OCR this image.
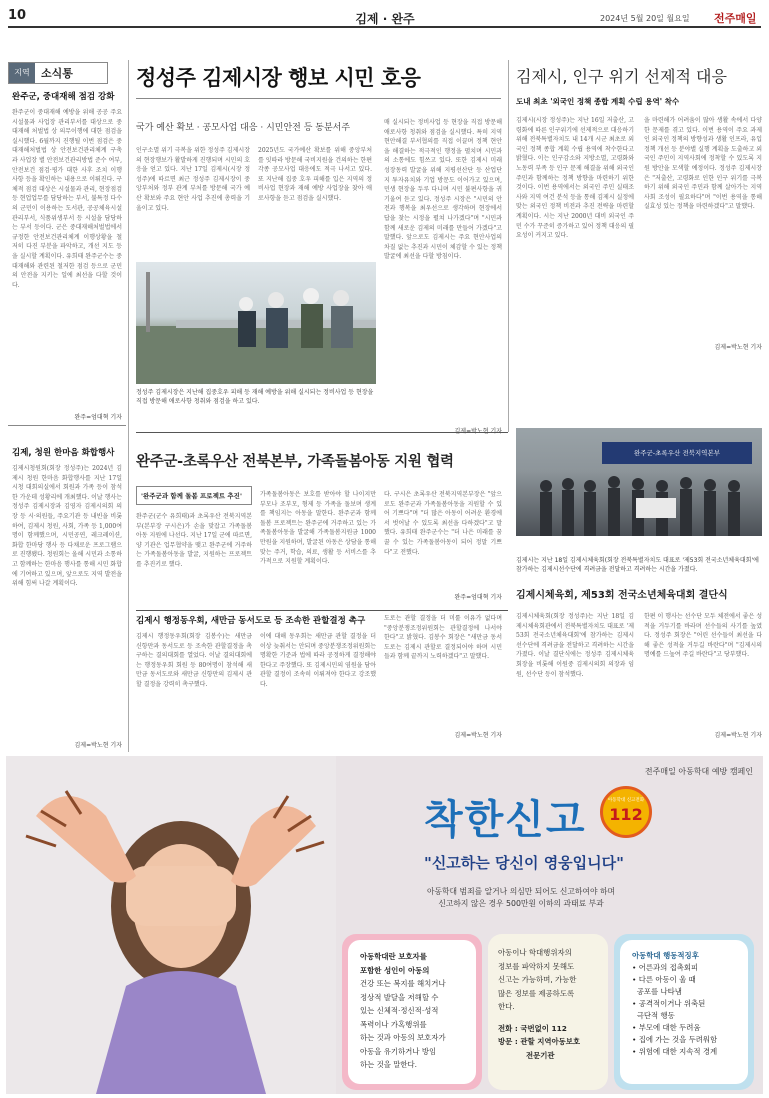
10	김제 · 완주	2024년 5월 20일 월요일 전주매일
지역	소식통
완주군, 중대재해 점검 강화
완주군이 중대재해 예방을 위해 공공 주요 시설물과 사업장 관리부서를 대상으로 중대재해 처벌법 상 의무이행에 대한 점검을 실시했다. 6월까지 진행될 이번 점검은 중대재해처벌법 상 안전보건관리체계 구축과 사업장 별 안전보건관리방법 준수 여부, 안전보건 점검·평가 대한 사후 조치 이행 사항 등을 확인하는 내용으로 이뤄진다. 구체적 점검 대상은 시설물과 관리, 현장점검 등 현업업무를 담당하는 부서, 불특정 다수의 군민이 이용하는 도서관, 공공체육시설 관리부서, 식품위생부서 등 시설을 담당하는 부서 등이다. 군은 중대재해처벌법에서 규정한 안전보건관리체계 이행상황을 철저히 다진 부분을 파악하고, 개선 지도 등을 실시할 계획이다. 유희태 완주군수는 중대재해와 관련된 철저한 점검 등으로 군민의 안전을 지키는 일에 최선을 다할 것이다.
완주=엄대혁 기자
김제, 청원 한마음 화합행사
김제시청원회(회장 정성주)는 2024년 김제시 청원 한마음 화합행사를 지난 17일 시청 대회의실에서 회원과 가족 등이 참석한 가운데 성황리에 개최했다. 이날 행사는 정성주 김제시장과 김영자 김제시의회 의장 등 시·의원들, 주요기관 등 내빈을 비롯하여, 김제시 청원, 사회, 가족 등 1,000여명이 함께했으며, 시민공연, 레크레이션, 화합 한마당 행사 등 다채로운 프로그램으로 진행됐다. 청원회는 올해 시민과 소통하고 함께하는 한마음 행사를 통해 시민 화합에 기여하고 있으며, 앞으로도 지역 발전을 위해 힘써 나갈 계획이다.
김제=박노현 기자
정성주 김제시장 행보 시민 호응
국가 예산 확보 · 공모사업 대응 · 시민안전 등 동분서주
인구소멸 위기 극복을 위한 정성주 김제시장의 현장행보가 활발하게 진행되며 시민의 호응을 얻고 있다. 지난 17일 김제시(시장 정성주)에 따르면 최근 정성주 김제시장이 중앙부처와 정부 관계 부처를 방문해 국가 예산 확보와 주요 현안 사업 추진에 총력을 기울이고 있다.
2025년도 국가예산 확보를 위해 중앙부처를 잇따라 방문해 국비지원을 건의하는 한편 각종 공모사업 대응에도 적극 나서고 있다. 또 지난해 집중 호우 피해를 입은 지역의 정비사업 현장과 재해 예방 사업장을 찾아 애로사항을 듣고 점검을 실시했다.
매 실시되는 정비사업 등 현장을 직접 방문해 애로사항 청취와 점검을 실시했다. 특히 지역현안해결 부서협의를 직접 이끌며 정책 현안을 해결하는 적극적인 행정을 펼치며 시민과의 소통에도 힘쓰고 있다. 또한 김제시 미래 성장동력 발굴을 위해 지평선산단 등 산업단지 투자유치와 기업 방문도 이어가고 있으며, 민생 현장을 두루 다니며 시민 불편사항을 귀 기울여 듣고 있다. 정성주 시장은 "시민의 안전과 행복을 최우선으로 생각하며 현장에서 답을 찾는 시정을 펼쳐 나가겠다"며 "시민과 함께 새로운 김제의 미래를 만들어 가겠다"고 말했다. 앞으로도 김제시는 주요 현안사업의 차질 없는 추진과 시민이 체감할 수 있는 정책 발굴에 최선을 다할 방침이다.
정성주 김제시장은 지난해 집중호우 피해 등 재해 예방을 위해 실시되는 정비사업 등 현장을 직접 방문해 애로사항 청취와 점검을 하고 있다.
김제시, 인구 위기 선제적 대응
도내 최초 '외국인 정책 종합 계획 수립 용역' 착수
김제시(시장 정성주)는 지난 16일 저출산, 고령화에 따른 인구위기에 선제적으로 대응하기 위해 전북특별자치도 내 14개 시군 최초로 외국인 정책 종합 계획 수립 용역에 착수한다고 밝혔다. 이는 인구감소와 지방소멸, 고령화와 노동력 부족 등 인구 문제 해결을 위해 외국인 주민과 함께하는 정책 방향을 마련하기 위한 것이다. 이번 용역에서는 외국인 주민 실태조사와 지역 여건 분석 등을 통해 김제시 실정에 맞는 외국인 정책 비전과 추진 전략을 마련할 계획이다. 시는 지난 2000년 대비 외국인 주민 수가 꾸준히 증가하고 있어 정책 대응의 필요성이 커지고 있다.
을 마련해가 어려움이 많아 생활 속에서 다양한 문제를 겪고 있다. 이번 용역이 주요 과제인 외국인 정책의 방향성과 생활 인프라, 유입 정책 개선 등 분야별 실행 계획을 도출하고 외국인 주민이 지역사회에 정착할 수 있도록 지원 방안을 모색할 예정이다. 정성주 김제시장은 "저출산, 고령화로 인한 인구 위기를 극복하기 위해 외국인 주민과 함께 살아가는 지역사회 조성이 필요하다"며 "이번 용역을 통해 실효성 있는 정책을 마련하겠다"고 말했다.
김제=박노현 기자
완주군-초록우산 전북본부, 가족돌봄아동 지원 협력
'완주군과 함께 돌봄 프로젝트 추진'
완주군(군수 유희태)과 초록우산 전북지역본부(본부장 구시은)가 손을 맞잡고 가족돌봄아동 지원에 나선다. 지난 17일 군에 따르면, 양 기관은 업무협약을 맺고 완주군에 거주하는 가족돌봄아동을 발굴, 지원하는 프로젝트를 추진키로 했다.
가족돌봄아동은 보호를 받아야 할 나이지만 부모나 조부모, 형제 등 가족을 돌보며 생계를 책임지는 아동을 말한다. 완주군과 함께 돌봄 프로젝트는 완주군에 거주하고 있는 가족돌봄아동을 발굴해 가족돌봄지원금 1000만원을 지원하며, 발굴된 아동은 상담을 통해 맞는 주거, 학습, 의료, 생활 등 서비스를 추가적으로 지원할 계획이다.
다. 구시은 초록우산 전북지역본부장은 "앞으로도 완주군과 가족돌봄아동을 지원할 수 있어 기쁘다"며 "더 많은 아동이 어려운 환경에서 벗어날 수 있도록 최선을 다하겠다"고 말했다. 유희태 완주군수는 "더 나은 미래를 꿈꿀 수 있는 가족돌봄아동이 되어 정말 기쁘다"고 전했다.
완주=엄대혁 기자
완주군-초록우산 전북지역본부
김제시는 지난 18일 김제시체육회(회장 전북특별자치도 대표로 '제53회 전국소년체육대회'에 참가하는 김제시선수단에 격려금을 전달하고 격려하는 시간을 가졌다.
김제시체육회, 제53회 전국소년체육대회 결단식
김제시체육회(회장 정성주)는 지난 18일 김제시체육회관에서 전북특별자치도 대표로 '제53회 전국소년체육대회'에 참가하는 김제시선수단에 격려금을 전달하고 격려하는 시간을 가졌다. 이날 결단식에는 정성주 김제시체육회장을 비롯해 이원중 김제시의회 의장과 임원, 선수단 등이 참석했다.
한편 이 행사는 선수단 모두 체전에서 좋은 성적을 거두기를 바라며 선수들의 사기를 높였다. 정성주 회장은 "어린 선수들이 최선을 다해 좋은 성적을 거두길 바란다"며 "김제시의 명예를 드높여 주길 바란다"고 당부했다.
김제=박노현 기자
김제시 행정동우회, 새만금 동서도로 등 조속한 관할결정 촉구
김제시 행정동우회(회장 김봉수)는 새만금 신항만과 동서도로 등 조속한 관할결정을 촉구하는 결의대회를 열었다. 이날 결의대회에는 행정동우회 회원 등 80여명이 참석해 새만금 동서도로와 새만금 신항만의 김제시 관할 결정을 강력히 촉구했다.
이에 대해 동우회는 새만금 관할 결정을 더 이상 늦춰서는 안되며 중앙분쟁조정위원회는 명확한 기준과 법에 따라 공정하게 결정해야 한다고 주장했다. 또 김제시민의 염원을 담아 관할 결정이 조속히 이뤄져야 한다고 강조했다.
도로는 관할 결정을 더 미룰 이유가 없다며 "중앙분쟁조정위원회는 관할결정에 나서야 한다"고 밝혔다. 김봉수 회장은 "새만금 동서도로는 김제시 관할로 결정되어야 하며 시민들과 함께 끝까지 노력하겠다"고 말했다.
김제=박노현 기자
전주매일 아동학대 예방 캠페인
착한신고	아동학대 신고전화
112
"신고하는 당신이 영웅입니다"
아동학대 범죄를 알거나 의심만 되어도 신고하여야 하며
신고하지 않은 경우 500만원 이하의 과태료 부과
아동학대란 보호자를
포함한 성인이 아동의
건강 또는 복지를 해치거나
정상적 발달을 저해할 수
있는 신체적·정신적·성적
폭력이나 가혹행위를
하는 것과 아동의 보호자가
아동을 유기하거나 방임
하는 것을 말한다.
아동이나 학대행위자의
정보를 파악하지 못해도
신고는 가능하며, 가능한
많은 정보를 제공하도록
한다.
전화 : 국번없이 112
방문 : 관할 지역아동보호
전문기관
아동학대 행동적징후
• 어른과의 접촉회피
• 다른 아동이 울 때
공포를 나타냄
• 공격적이거나 위축된
극단적 행동
• 부모에 대한 두려움
• 집에 가는 것을 두려워함
• 위험에 대한 지속적 경계
